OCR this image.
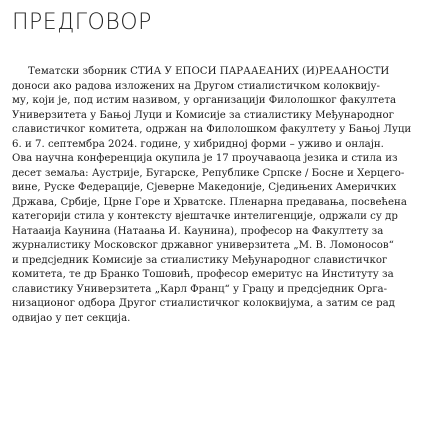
ПРЕДГОВОР

Тематски зборник СТИА У ЕПОСИ ПАРААЕАНИХ (И)РЕААНОСТИ
доноси ако радова изложених на Другом стиалистичком колоквију-
му, који је, под истим називом, у организацији Филолошког факултета
Универзитета у Бањој Луци и Комисије за стиалистику Међународног
славистичког комитета, одржан на Филолошком факултету у Бањој Луци
6. и 7. септембра 2024. године, у хибридној форми – уживо и онлајн.
Ова научна конференција окупила је 17 проучаваоца језика и стила из
десет земаља: Аустрије, Бугарске, Републике Српске / Босне и Херцего-
вине, Руске Федерације, Сјеверне Македоније, Сједињених Америчких
Држава, Србије, Црне Горе и Хрватске. Пленарна предавања, посвећена
категорији стила у контексту вјештачке интелигенције, одржали су др
Натааија Каунина (Натаања И. Каунина), професор на Факултету за
журналистику Московског државног универзитета „М. В. Ломоносов“
и предсједник Комисије за стиалистику Међународног славистичког
комитета, те др Бранко Тошовић, професор емеритус на Институту за
славистику Универзитета „Карл Франц“ у Грацу и предсједник Орга-
низационог одбора Другог стиалистичког колоквијума, а затим се рад
одвијао у пет секција.
